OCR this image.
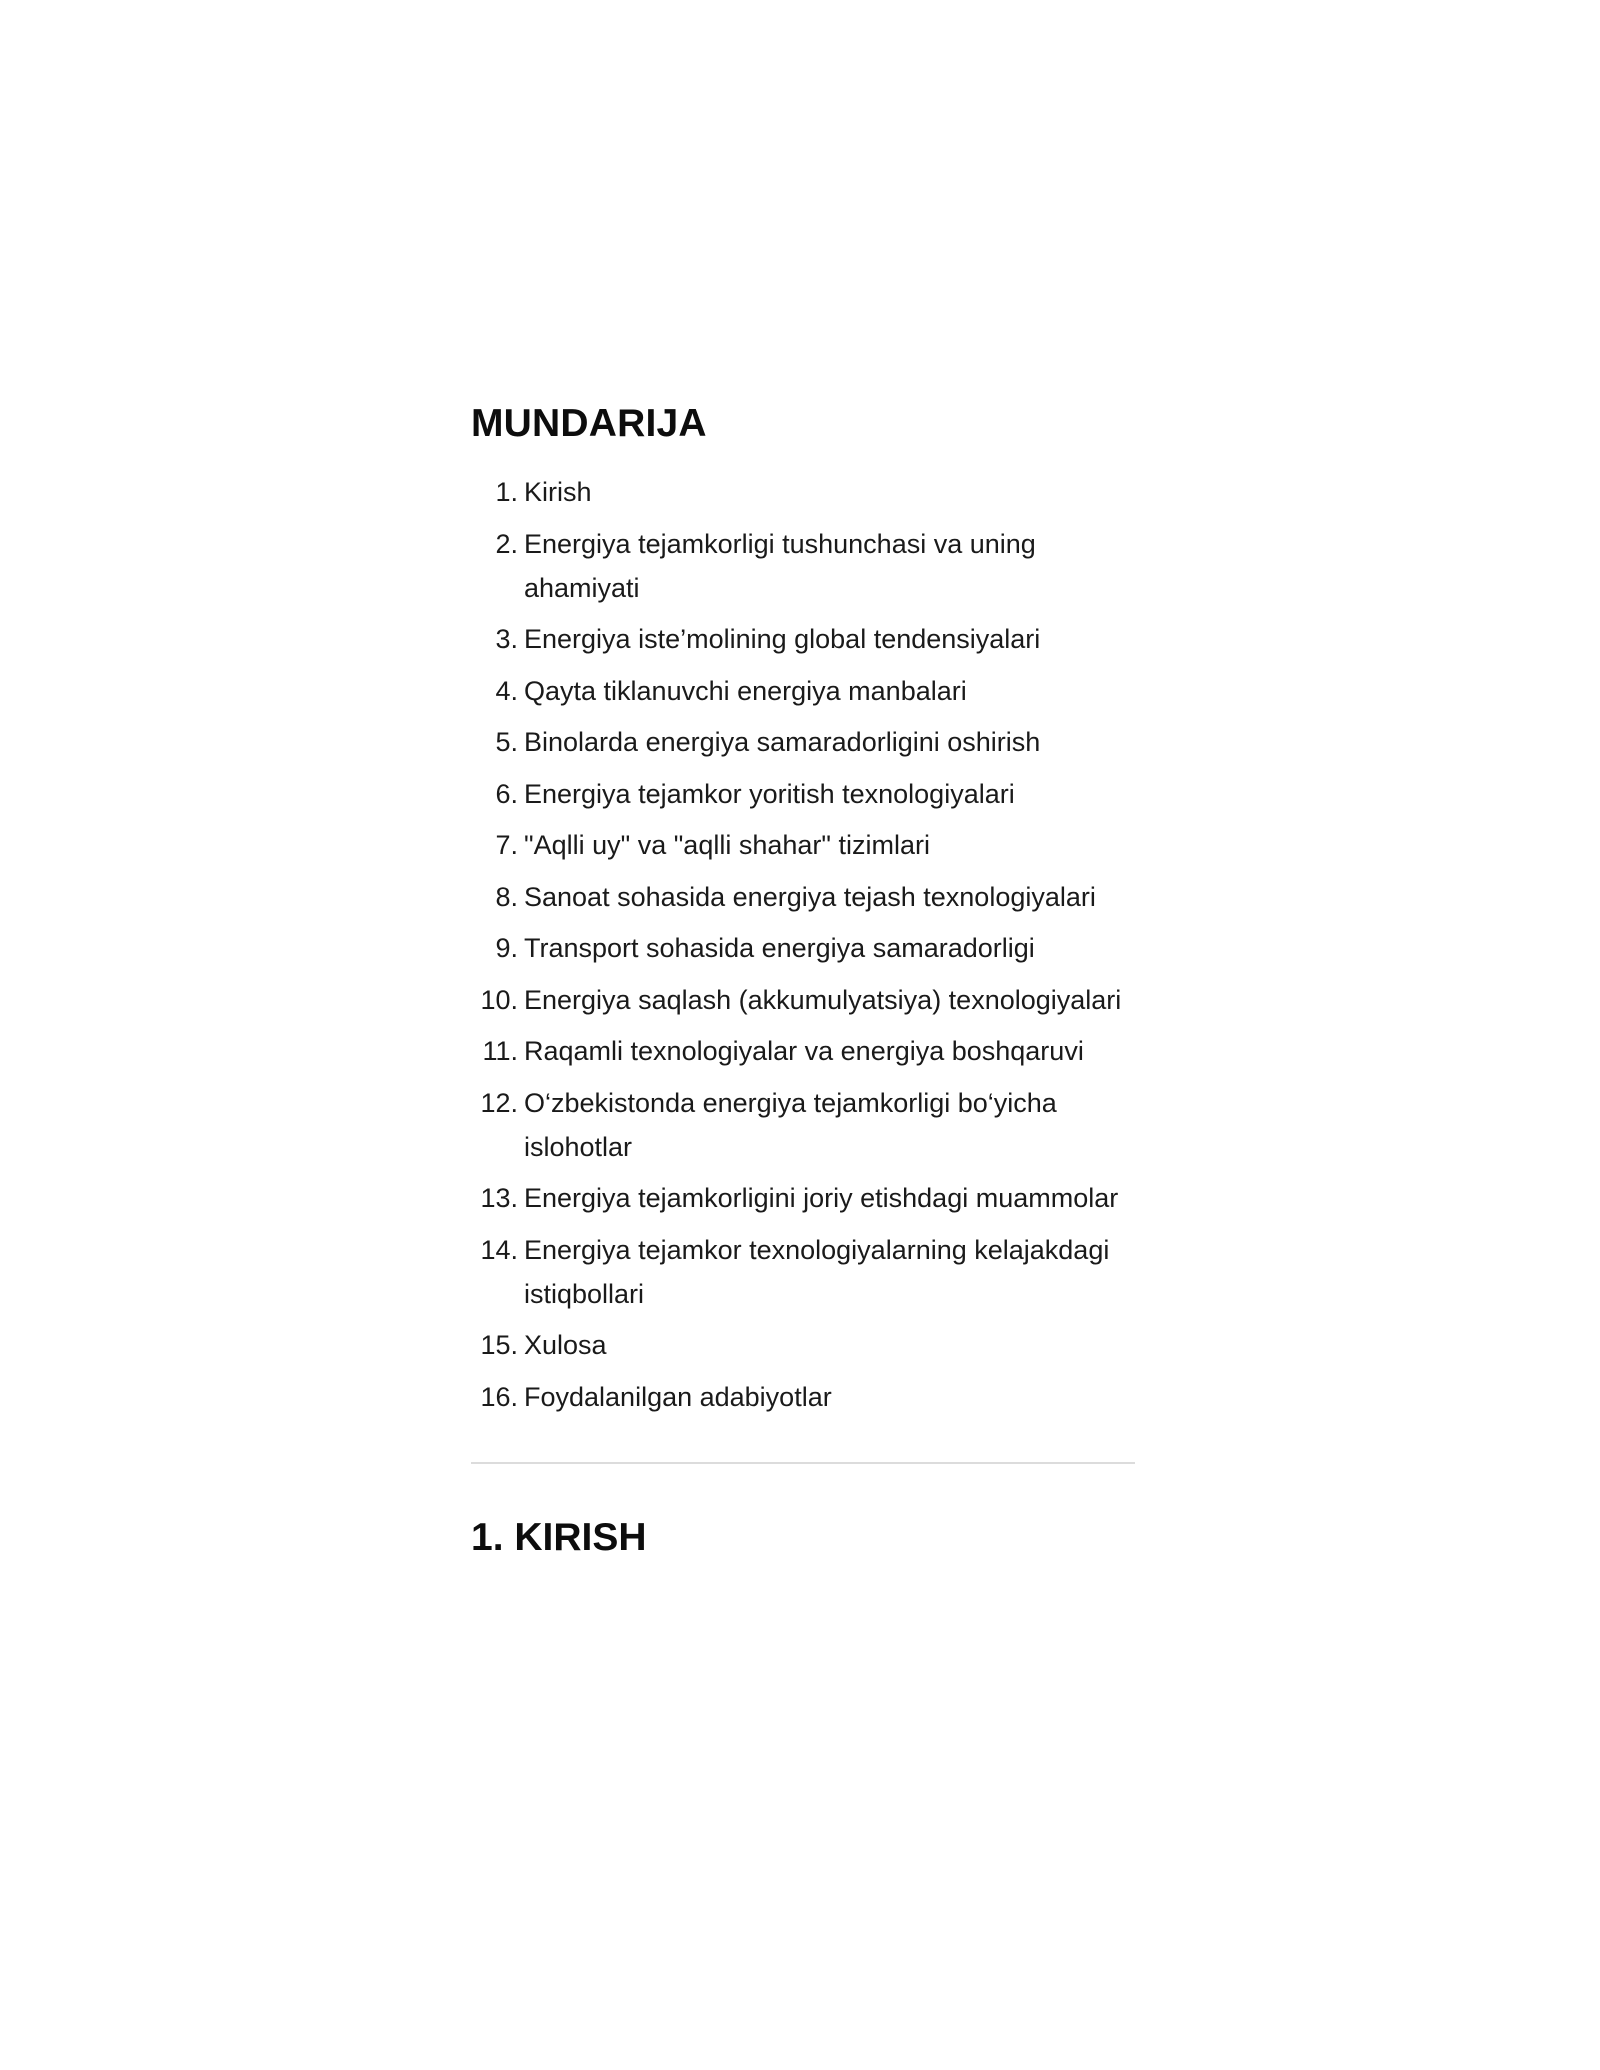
MUNDARIJA
1. Kirish
2. Energiya tejamkorligi tushunchasi va uning
ahamiyati
3. Energiya iste’molining global tendensiyalari
4. Qayta tiklanuvchi energiya manbalari
5. Binolarda energiya samaradorligini oshirish
6. Energiya tejamkor yoritish texnologiyalari
7. "Aqlli uy" va "aqlli shahar" tizimlari
8. Sanoat sohasida energiya tejash texnologiyalari
9. Transport sohasida energiya samaradorligi
10. Energiya saqlash (akkumulyatsiya) texnologiyalari
11. Raqamli texnologiyalar va energiya boshqaruvi
12. O‘zbekistonda energiya tejamkorligi bo‘yicha
islohotlar
13. Energiya tejamkorligini joriy etishdagi muammolar
14. Energiya tejamkor texnologiyalarning kelajakdagi
istiqbollari
15. Xulosa
16. Foydalanilgan adabiyotlar
1. KIRISH
